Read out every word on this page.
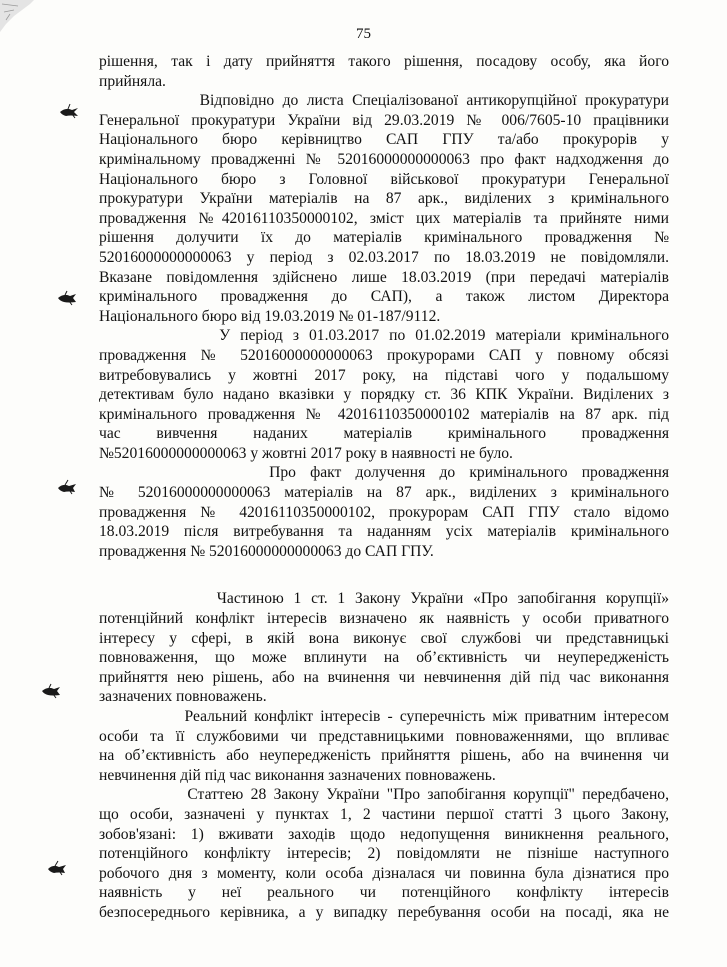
75

рішення, так і дату прийняття такого рішення, посадову особу, яка його
прийняла.

Відповідно до листа Спеціалізованої антикорупційної прокуратури
Генеральної прокуратури України від 29.03.2019 № 006/7605-10 працівники
Національного бюро керівництво САП ГПУ та/або прокурорів у
кримінальному провадженні № 52016000000000063 про факт надходження до
Національного бюро з Головної військової прокуратури Генеральної
прокуратури України матеріалів на 87 арк., виділених з кримінального
провадження №42016110350000102, зміст цих матеріалів та прийняте ними
рішення долучити їх до матеріалів кримінального провадження №
52016000000000063 у період з 02.03.2017 по 18.03.2019 не повідомляли.
Вказане повідомлення здійснено лише 18.03.2019 (при передачі матеріалів
кримінального провадження до САП), а також листом Директора
Національного бюро від 19.03.2019 № 01-187/9112.

У період з 01.03.2017 по 01.02.2019 матеріали кримінального
провадження № 52016000000000063 прокурорами САП у повному обсязі
витребовувались у жовтні 2017 року, на підставі чого у подальшому
детективам було надано вказівки у порядку ст. 36 КПК України. Виділених з
кримінального провадження № 42016110350000102 матеріалів на 87 арк. під
час вивчення наданих матеріалів кримінального провадження
№52016000000000063 у жовтні 2017 року в наявності не було.

Про факт долучення до кримінального провадження
№ 52016000000000063 матеріалів на 87 арк., виділених з кримінального
провадження № 42016110350000102, прокурорам САП ГПУ стало відомо
18.03.2019 після витребування та наданням усіх матеріалів кримінального
провадження № 52016000000000063 до САП ГПУ.

Частиною 1 ст. 1 Закону України «Про запобігання корупції»
потенційний конфлікт інтересів визначено як наявність у особи приватного
інтересу у сфері, в якій вона виконує свої службові чи представницькі
повноваження, що може вплинути на об’єктивність чи неупередженість
прийняття нею рішень, або на вчинення чи невчинення дій під час виконання
зазначених повноважень.

Реальний конфлікт інтересів - суперечність між приватним інтересом
особи та її службовими чи представницькими повноваженнями, що впливає
на об’єктивність або неупередженість прийняття рішень, або на вчинення чи
невчинення дій під час виконання зазначених повноважень.

Статтею 28 Закону України "Про запобігання корупції" передбачено,
що особи, зазначені у пунктах 1, 2 частини першої статті 3 цього Закону,
зобов'язані: 1) вживати заходів щодо недопущення виникнення реального,
потенційного конфлікту інтересів; 2) повідомляти не пізніше наступного
робочого дня з моменту, коли особа дізналася чи повинна була дізнатися про
наявність у неї реального чи потенційного конфлікту інтересів
безпосереднього керівника, а у випадку перебування особи на посаді, яка не
